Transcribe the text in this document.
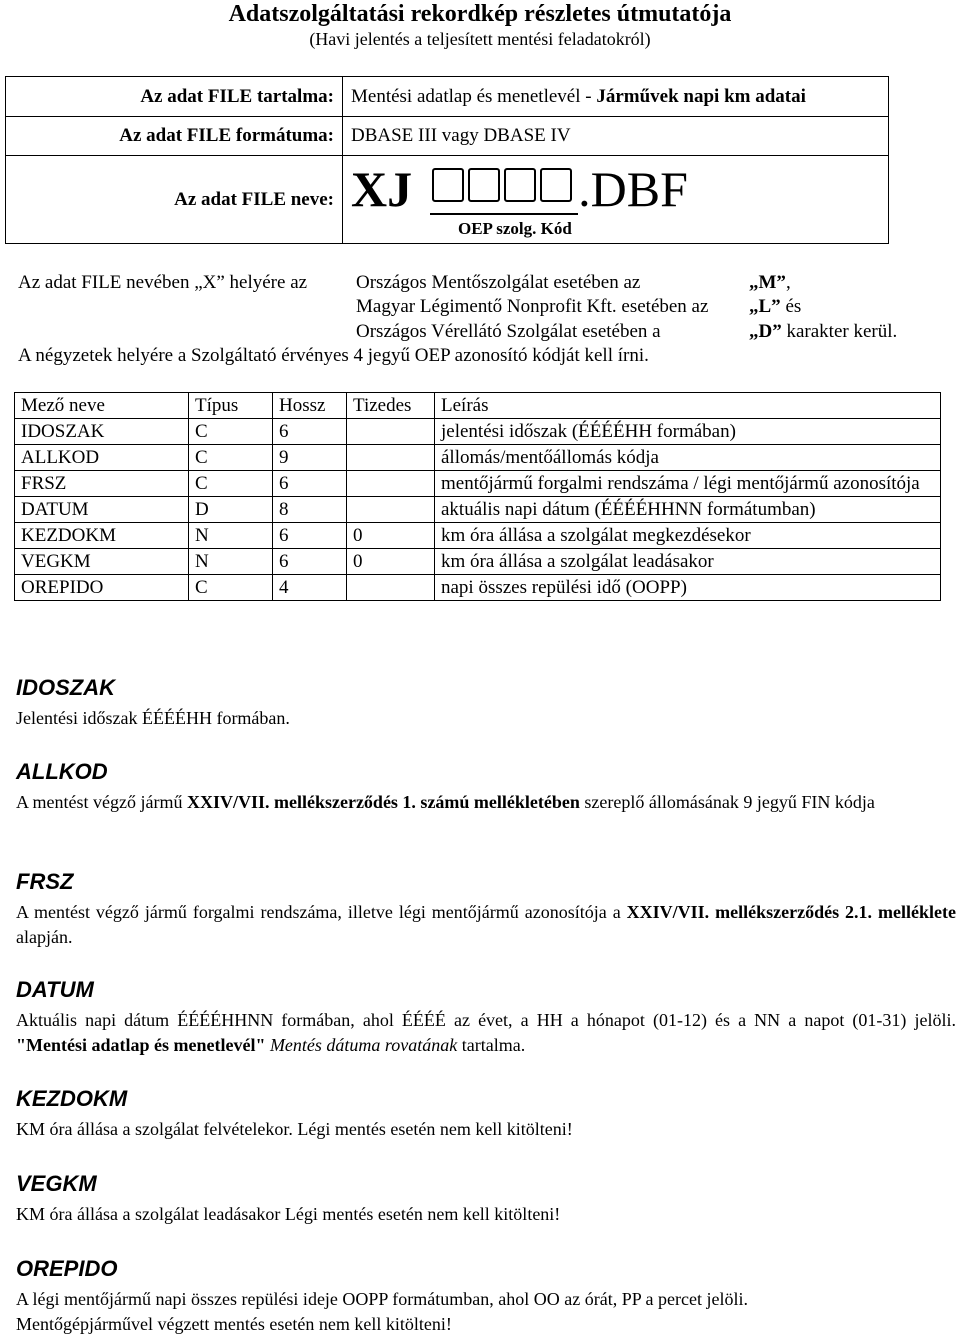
Adatszolgáltatási rekordkép részletes útmutatója
(Havi jelentés a teljesített mentési feladatokról)
Az adat FILE tartalma:	Mentési adatlap és menetlevél - Járművek napi km adatai
Az adat FILE formátuma:	DBASE III vagy DBASE IV
Az adat FILE neve:	XJ .DBF
OEP szolg. Kód
Az adat FILE nevében „X” helyére az	Országos Mentőszolgálat esetében az	„M”,
Magyar Légimentő Nonprofit Kft. esetében az „L” és
Országos Vérellátó Szolgálat esetében a	„D” karakter kerül.
A négyzetek helyére a Szolgáltató érvényes 4 jegyű OEP azonosító kódját kell írni.
Mező neve	Típus	Hossz	Tizedes	Leírás
IDOSZAK	C	6		jelentési időszak (ÉÉÉÉHH formában)
ALLKOD	C	9		állomás/mentőállomás kódja
FRSZ	C	6		mentőjármű forgalmi rendszáma / légi mentőjármű azonosítója
DATUM	D	8		aktuális napi dátum (ÉÉÉÉHHNN formátumban)
KEZDOKM	N	6	0	km óra állása a szolgálat megkezdésekor
VEGKM	N	6	0	km óra állása a szolgálat leadásakor
OREPIDO	C	4		napi összes repülési idő (OOPP)
IDOSZAK

Jelentési időszak ÉÉÉÉHH formában.

ALLKOD

A mentést végző jármű XXIV/VII. mellékszerződés 1. számú mellékletében szereplő állomásának 9 jegyű FIN kódja

FRSZ

A mentést végző jármű forgalmi rendszáma, illetve légi mentőjármű azonosítója a XXIV/VII. mellékszerződés 2.1. melléklete alapján.

DATUM

Aktuális napi dátum ÉÉÉÉHHNN formában, ahol ÉÉÉÉ az évet, a HH a hónapot (01-12) és a NN a napot (01-31) jelöli. "Mentési adatlap és menetlevél" Mentés dátuma rovatának tartalma.

KEZDOKM

KM óra állása a szolgálat felvételekor. Légi mentés esetén nem kell kitölteni!

VEGKM

KM óra állása a szolgálat leadásakor Légi mentés esetén nem kell kitölteni!

OREPIDO

A légi mentőjármű napi összes repülési ideje OOPP formátumban, ahol OO az órát, PP a percet jelöli.
Mentőgépjárművel végzett mentés esetén nem kell kitölteni!
